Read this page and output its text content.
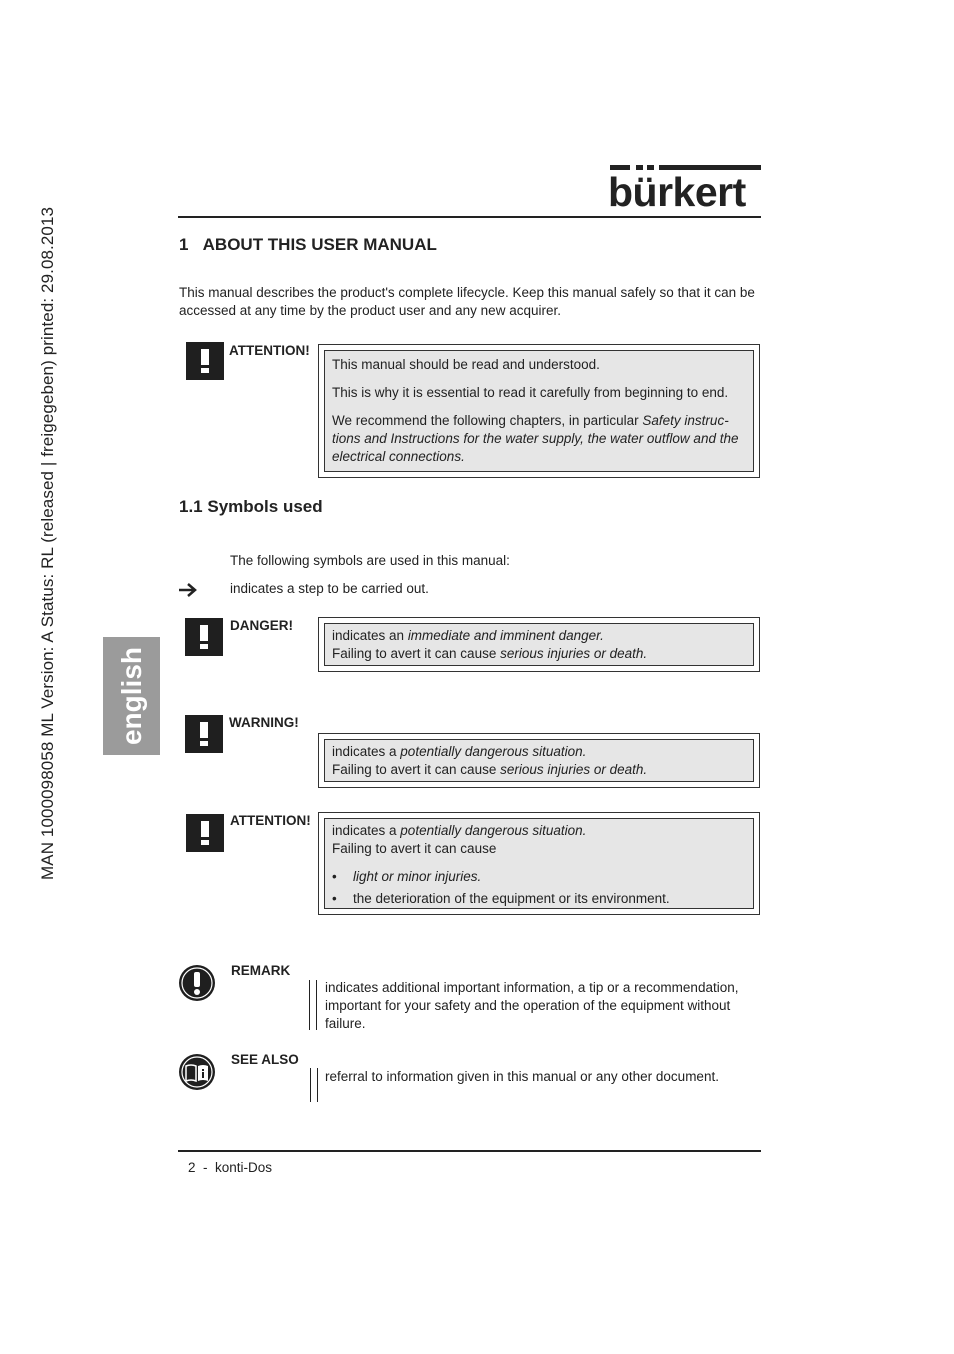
MAN 1000098058 ML Version: A Status: RL (released | freigegeben) printed: 29.08.2013	english
bürkert
1 ABOUT THIS USER MANUAL
This manual describes the product's complete lifecycle. Keep this manual safely so that it can be accessed at any time by the product user and any new acquirer.
ATTENTION!

This manual should be read and understood.

This is why it is essential to read it carefully from beginning to end.

We recommend the following chapters, in particular Safety instruc-tions and Instructions for the water supply, the water outflow and the electrical connections.

1.1 Symbols used
The following symbols are used in this manual:
indicates a step to be carried out.
DANGER!
indicates an immediate and imminent danger.
Failing to avert it can cause serious injuries or death.
WARNING!
indicates a potentially dangerous situation.
Failing to avert it can cause serious injuries or death.
ATTENTION!
indicates a potentially dangerous situation.
Failing to avert it can cause
• light or minor injuries.
• the deterioration of the equipment or its environment.
REMARK
indicates additional important information, a tip or a recommendation, important for your safety and the operation of the equipment without failure.
SEE ALSO
referral to information given in this manual or any other document.
2  -  konti-Dos
